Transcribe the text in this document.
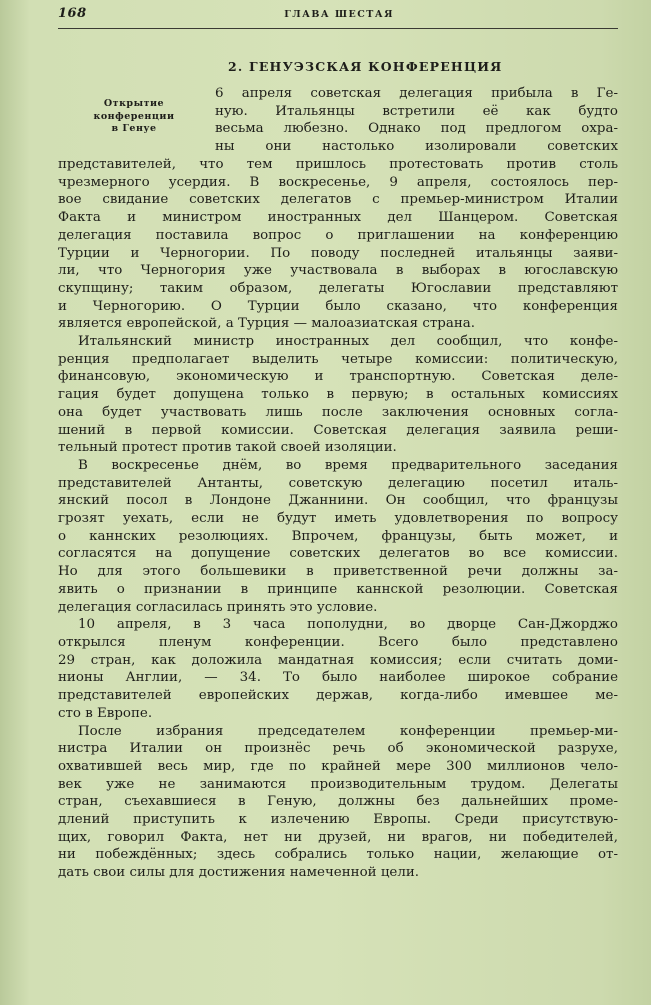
168	ГЛАВА ШЕСТАЯ
2. ГЕНУЭЗСКАЯ КОНФЕРЕНЦИЯ
Открытие
конференции
в Генуе
6 апреля советская делегация прибыла в Ге-
ную. Итальянцы встретили её как будто
весьма любезно. Однако под предлогом охра-
ны они настолько изолировали советских
представителей, что тем пришлось протестовать против столь
чрезмерного усердия. В воскресенье, 9 апреля, состоялось пер-
вое свидание советских делегатов с премьер-министром Италии
Факта и министром иностранных дел Шанцером. Советская
делегация поставила вопрос о приглашении на конференцию
Турции и Черногории. По поводу последней итальянцы заяви-
ли, что Черногория уже участвовала в выборах в югославскую
скупщину; таким образом, делегаты Югославии представляют
и Черногорию. О Турции было сказано, что конференция
является европейской, а Турция — малоазиатская страна.
Итальянский министр иностранных дел сообщил, что конфе-
ренция предполагает выделить четыре комиссии: политическую,
финансовую, экономическую и транспортную. Советская деле-
гация будет допущена только в первую; в остальных комиссиях
она будет участвовать лишь после заключения основных согла-
шений в первой комиссии. Советская делегация заявила реши-
тельный протест против такой своей изоляции.
В воскресенье днём, во время предварительного заседания
представителей Антанты, советскую делегацию посетил италь-
янский посол в Лондоне Джаннини. Он сообщил, что французы
грозят уехать, если не будут иметь удовлетворения по вопросу
о каннских резолюциях. Впрочем, французы, быть может, и
согласятся на допущение советских делегатов во все комиссии.
Но для этого большевики в приветственной речи должны за-
явить о признании в принципе каннской резолюции. Советская
делегация согласилась принять это условие.
10 апреля, в 3 часа пополудни, во дворце Сан-Джорджо
открылся пленум конференции. Всего было представлено
29 стран, как доложила мандатная комиссия; если считать доми-
нионы Англии, — 34. То было наиболее широкое собрание
представителей европейских держав, когда-либо имевшее ме-
сто в Европе.
После избрания председателем конференции премьер-ми-
нистра Италии он произнёс речь об экономической разрухе,
охватившей весь мир, где по крайней мере 300 миллионов чело-
век уже не занимаются производительным трудом. Делегаты
стран, съехавшиеся в Геную, должны без дальнейших проме-
длений приступить к излечению Европы. Среди присутствую-
щих, говорил Факта, нет ни друзей, ни врагов, ни победителей,
ни побеждённых; здесь собрались только нации, желающие от-
дать свои силы для достижения намеченной цели.
